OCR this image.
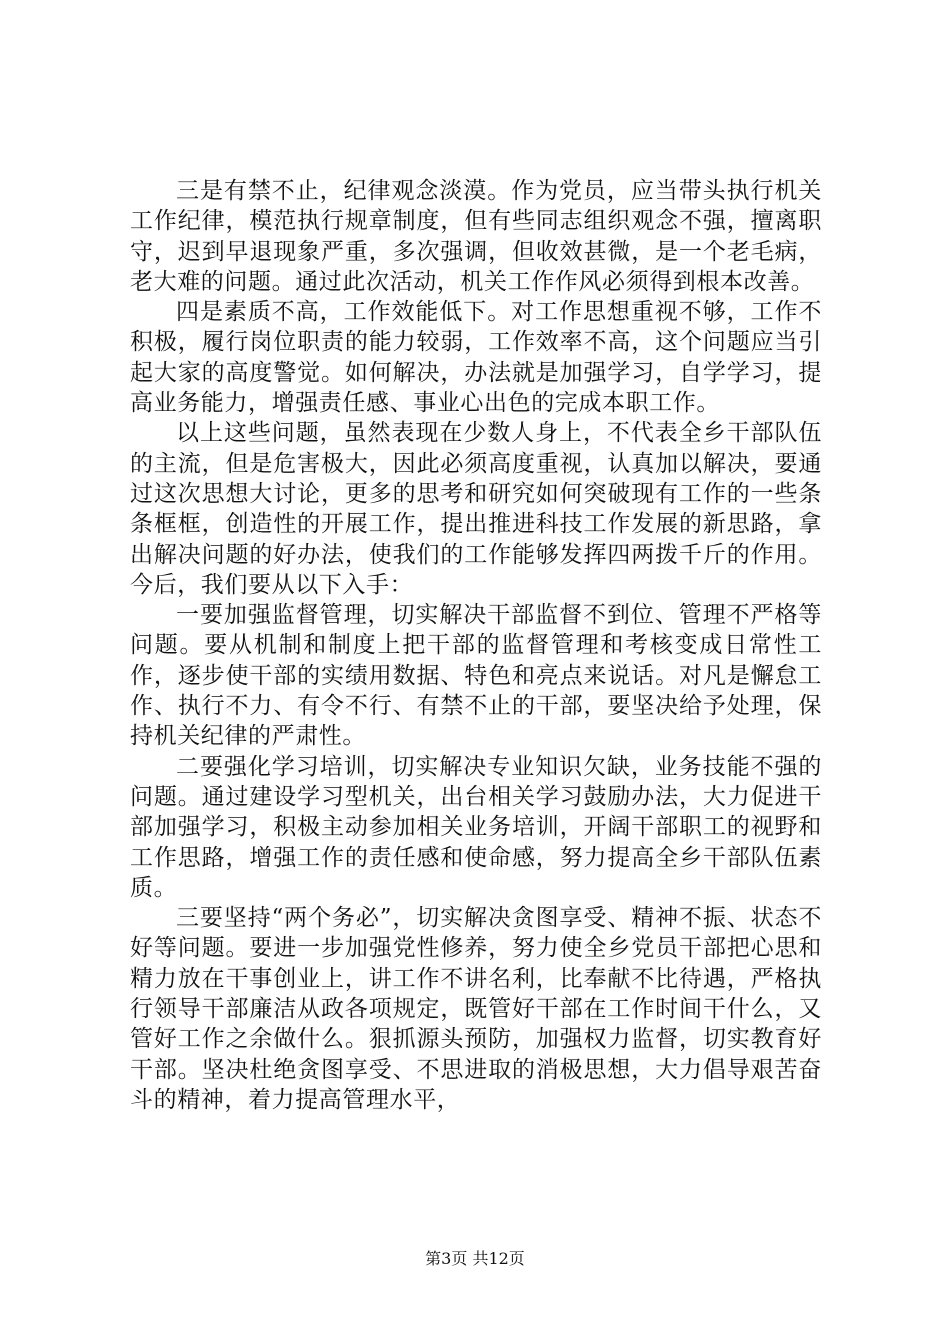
三是有禁不止，纪律观念淡漠。作为党员，应当带头执行机关工作纪律，模范执行规章制度，但有些同志组织观念不强，擅离职守，迟到早退现象严重，多次强调，但收效甚微，是一个老毛病，老大难的问题。通过此次活动，机关工作作风必须得到根本改善。

四是素质不高，工作效能低下。对工作思想重视不够，工作不积极，履行岗位职责的能力较弱，工作效率不高，这个问题应当引起大家的高度警觉。如何解决，办法就是加强学习，自学学习，提高业务能力，增强责任感、事业心出色的完成本职工作。

以上这些问题，虽然表现在少数人身上，不代表全乡干部队伍的主流，但是危害极大，因此必须高度重视，认真加以解决，要通过这次思想大讨论，更多的思考和研究如何突破现有工作的一些条条框框，创造性的开展工作，提出推进科技工作发展的新思路，拿出解决问题的好办法，使我们的工作能够发挥四两拨千斤的作用。今后，我们要从以下入手：

一要加强监督管理，切实解决干部监督不到位、管理不严格等问题。要从机制和制度上把干部的监督管理和考核变成日常性工作，逐步使干部的实绩用数据、特色和亮点来说话。对凡是懈怠工作、执行不力、有令不行、有禁不止的干部，要坚决给予处理，保持机关纪律的严肃性。

二要强化学习培训，切实解决专业知识欠缺，业务技能不强的问题。通过建设学习型机关，出台相关学习鼓励办法，大力促进干部加强学习，积极主动参加相关业务培训，开阔干部职工的视野和工作思路，增强工作的责任感和使命感，努力提高全乡干部队伍素质。

三要坚持“两个务必”，切实解决贪图享受、精神不振、状态不好等问题。要进一步加强党性修养，努力使全乡党员干部把心思和精力放在干事创业上，讲工作不讲名利，比奉献不比待遇，严格执行领导干部廉洁从政各项规定，既管好干部在工作时间干什么，又管好工作之余做什么。狠抓源头预防，加强权力监督，切实教育好干部。坚决杜绝贪图享受、不思进取的消极思想，大力倡导艰苦奋斗的精神，着力提高管理水平，

第3页 共12页
